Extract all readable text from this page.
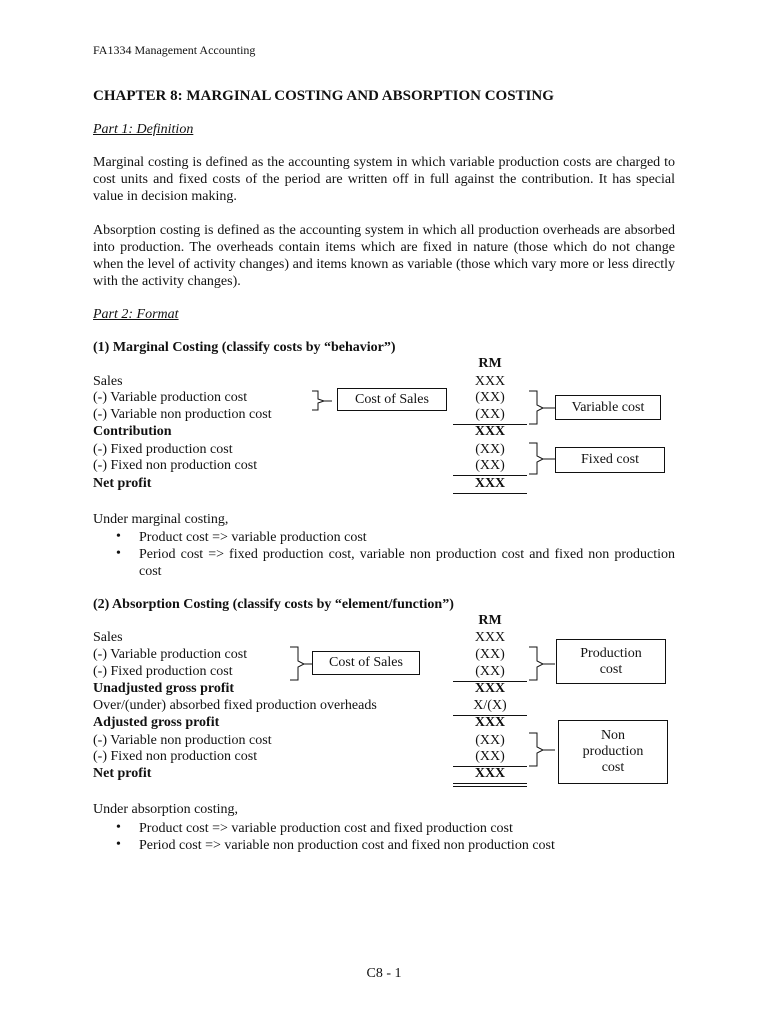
FA1334 Management Accounting
CHAPTER 8: MARGINAL COSTING AND ABSORPTION COSTING
Part 1: Definition
Marginal costing is defined as the accounting system in which variable production costs are charged to cost units and fixed costs of the period are written off in full against the contribution. It has special value in decision making.
Absorption costing is defined as the accounting system in which all production overheads are absorbed into production. The overheads contain items which are fixed in nature (those which do not change when the level of activity changes) and items known as variable (those which vary more or less directly with the activity changes).
Part 2: Format
(1) Marginal Costing (classify costs by “behavior”)
RM
Sales	XXX
(-) Variable production cost	(XX)
(-) Variable non production cost	(XX)
Contribution	XXX
(-) Fixed production cost	(XX)
(-) Fixed non production cost	(XX)
Net profit	XXX
Cost of Sales
Variable cost
Fixed cost
Under marginal costing,
• Product cost => variable production cost
• Period cost => fixed production cost, variable non production cost and fixed non production cost
(2) Absorption Costing (classify costs by “element/function”)
RM
Sales	XXX
(-) Variable production cost	(XX)
(-) Fixed production cost	(XX)
Unadjusted gross profit	XXX
Over/(under) absorbed fixed production overheads	X/(X)
Adjusted gross profit	XXX
(-) Variable non production cost	(XX)
(-) Fixed non production cost	(XX)
Net profit	XXX
Cost of Sales
Production cost
Non production cost
Under absorption costing,
• Product cost => variable production cost and fixed production cost
• Period cost => variable non production cost and fixed non production cost
C8 - 1
